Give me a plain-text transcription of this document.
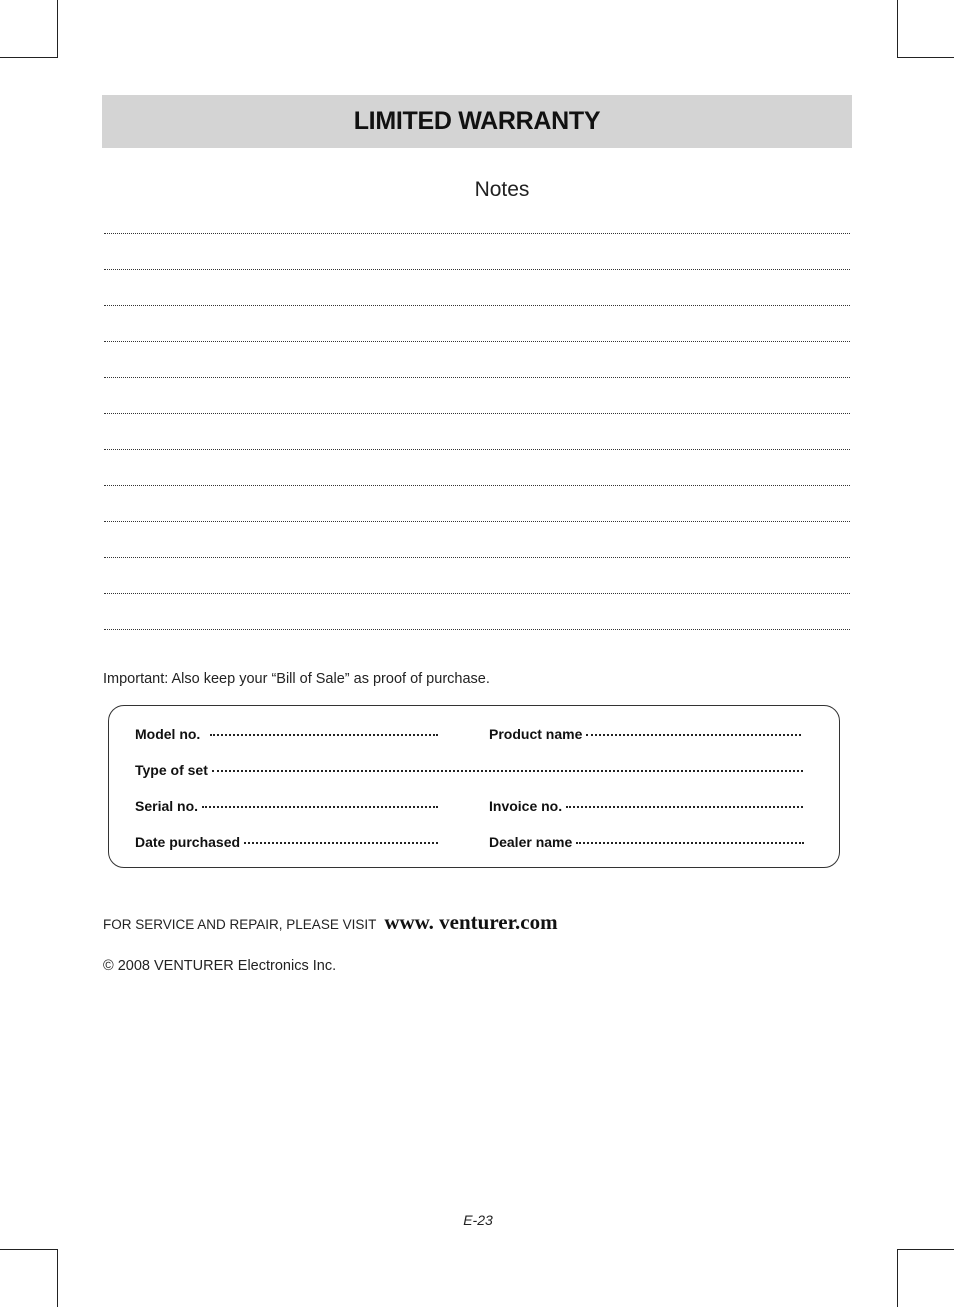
LIMITED WARRANTY
Notes
Important: Also keep your “Bill of Sale” as proof of purchase.
Model no.	Product name
Type of set
Serial no.	Invoice no.
Date purchased	Dealer name
FOR SERVICE AND REPAIR, PLEASE VISIT www. venturer.com
© 2008 VENTURER Electronics Inc.
E-23
